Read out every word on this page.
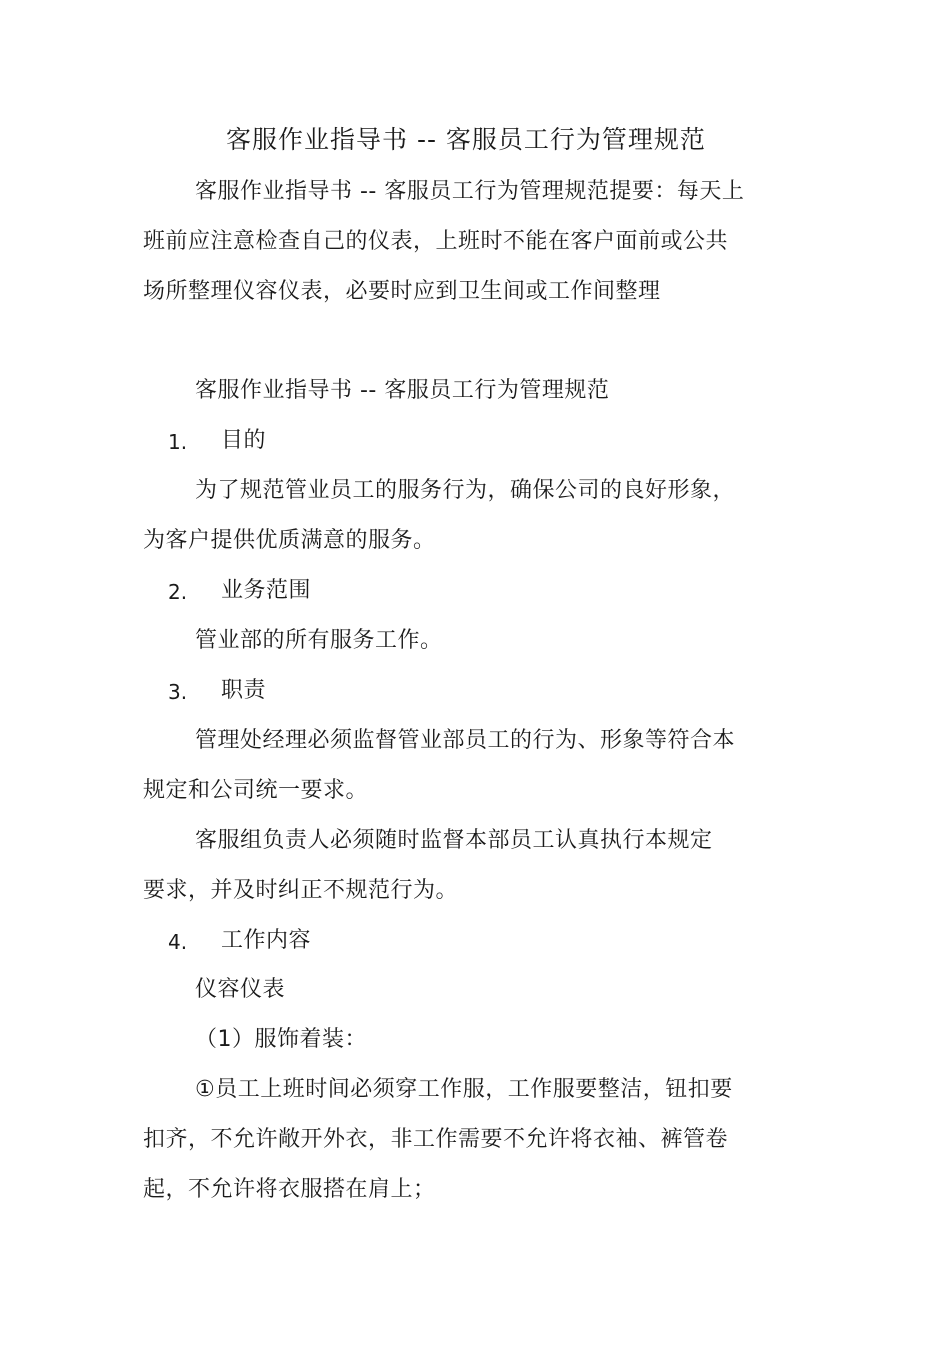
客服作业指导书 -- 客服员工行为管理规范
客服作业指导书 -- 客服员工行为管理规范提要：每天上
班前应注意检查自己的仪表，上班时不能在客户面前或公共
场所整理仪容仪表，必要时应到卫生间或工作间整理
客服作业指导书 -- 客服员工行为管理规范
1. 目的
为了规范管业员工的服务行为，确保公司的良好形象，
为客户提供优质满意的服务。
2. 业务范围
管业部的所有服务工作。
3. 职责
管理处经理必须监督管业部员工的行为、形象等符合本
规定和公司统一要求。
客服组负责人必须随时监督本部员工认真执行本规定
要求，并及时纠正不规范行为。
4. 工作内容
仪容仪表
（1）服饰着装：
①员工上班时间必须穿工作服，工作服要整洁，钮扣要
扣齐，不允许敞开外衣，非工作需要不允许将衣袖、裤管卷
起，不允许将衣服搭在肩上；
